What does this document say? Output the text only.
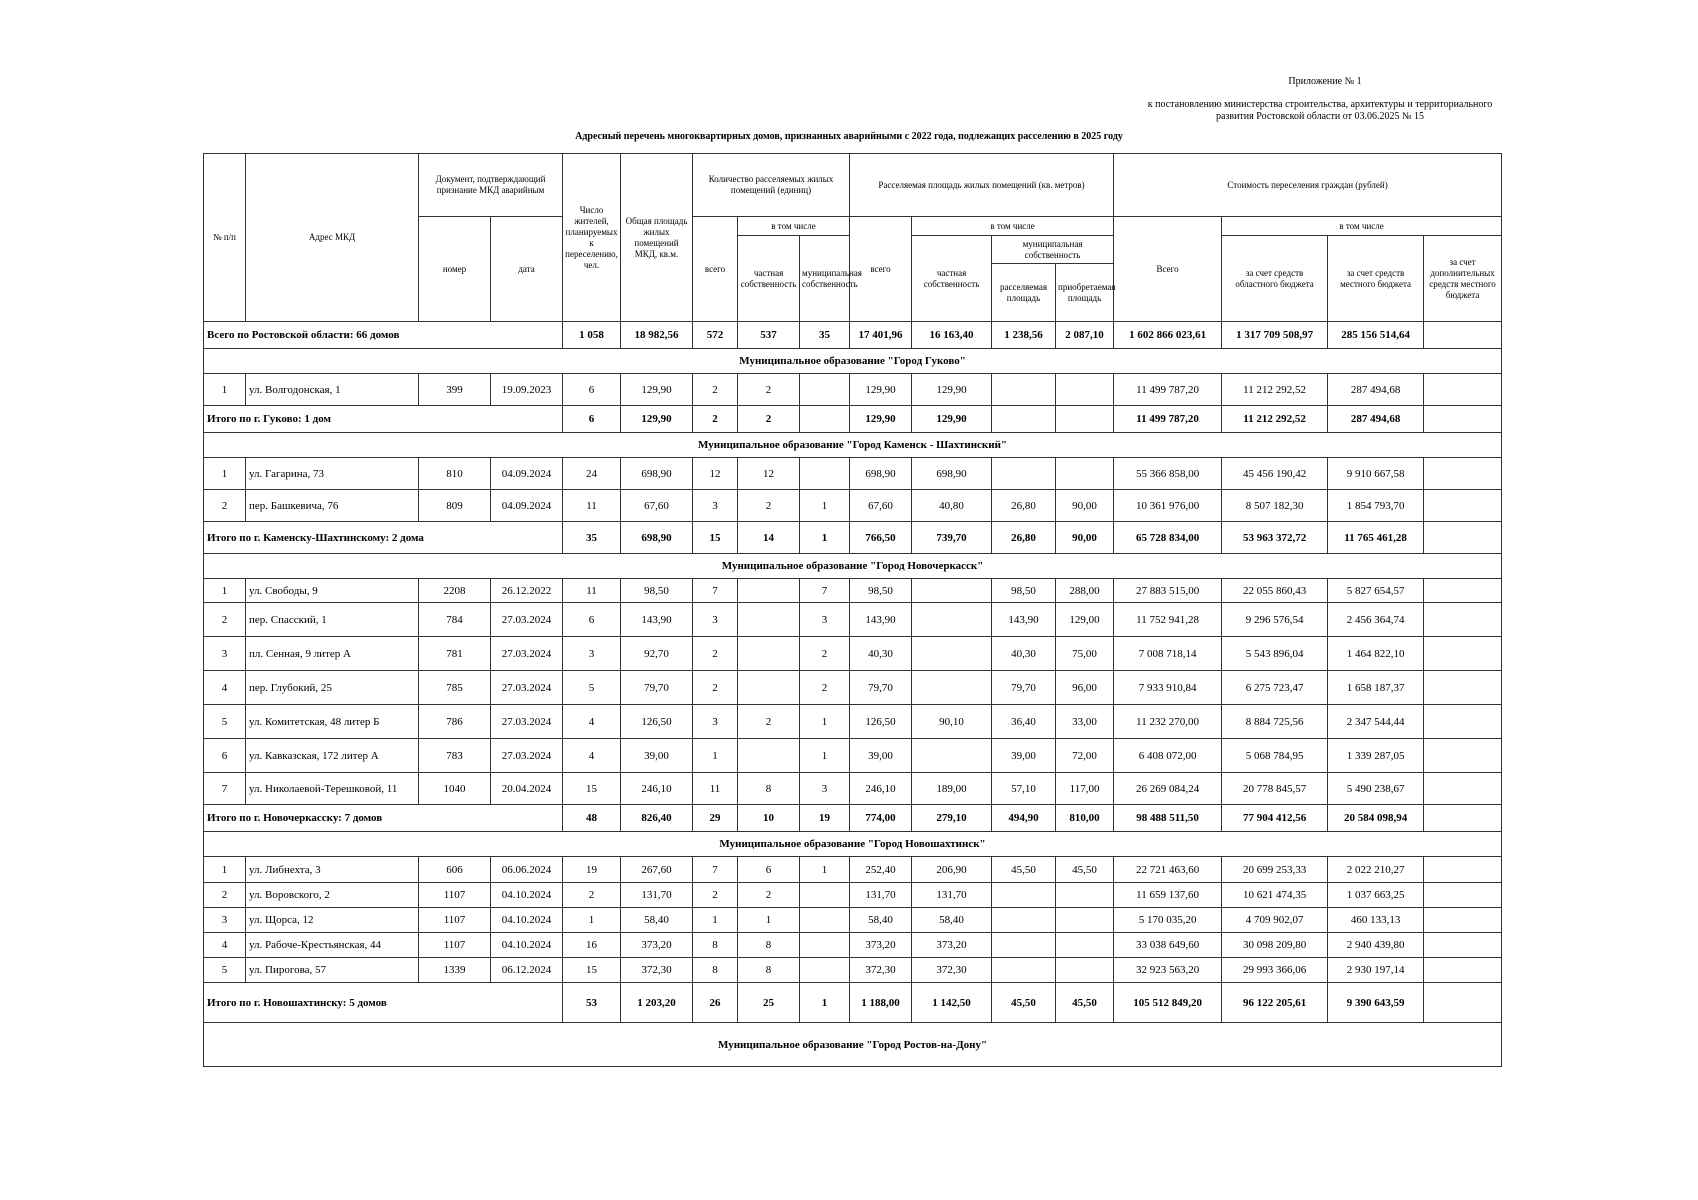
Приложение № 1
к постановлению министерства строительства, архитектуры и территориального
развития Ростовской области от 03.06.2025 № 15
Адресный перечень многоквартирных домов, признанных аварийными с 2022 года, подлежащих расселению в 2025 году
№ п/п	Адрес МКД	Документ, подтверждающий признание МКД аварийным		Число жителей, планируемых к переселению, чел.	Общая площадь жилых помещений МКД, кв.м.	Количество расселяемых жилых помещений (единиц)			Расселяемая площадь жилых помещений (кв. метров)				Стоимость переселения граждан (рублей)			
		номер	дата			всего	в том числе		всего	в том числе			Всего	в том числе		
							частная собственность	муниципальная собственность		частная собственность	муниципальная собственность			за счет средств областного бюджета	за счет средств местного бюджета	за счет дополнительных средств местного бюджета
											расселяемая площадь	приобретаемая площадь				
Всего по Ростовской области: 66 домов				1 058	18 982,56	572	537	35	17 401,96	16 163,40	1 238,56	2 087,10	1 602 866 023,61	1 317 709 508,97	285 156 514,64	
Муниципальное образование "Город Гуково"																
1	ул. Волгодонская, 1	399	19.09.2023	6	129,90	2	2		129,90	129,90			11 499 787,20	11 212 292,52	287 494,68	
Итого по г. Гуково: 1 дом				6	129,90	2	2		129,90	129,90			11 499 787,20	11 212 292,52	287 494,68	
Муниципальное образование "Город Каменск - Шахтинский"																
1	ул. Гагарина, 73	810	04.09.2024	24	698,90	12	12		698,90	698,90			55 366 858,00	45 456 190,42	9 910 667,58	
2	пер. Башкевича, 76	809	04.09.2024	11	67,60	3	2	1	67,60	40,80	26,80	90,00	10 361 976,00	8 507 182,30	1 854 793,70	
Итого по г. Каменску-Шахтинскому: 2 дома				35	698,90	15	14	1	766,50	739,70	26,80	90,00	65 728 834,00	53 963 372,72	11 765 461,28	
Муниципальное образование "Город Новочеркасск"																
1	ул. Свободы, 9	2208	26.12.2022	11	98,50	7		7	98,50		98,50	288,00	27 883 515,00	22 055 860,43	5 827 654,57	
2	пер. Спасский, 1	784	27.03.2024	6	143,90	3		3	143,90		143,90	129,00	11 752 941,28	9 296 576,54	2 456 364,74	
3	пл. Сенная, 9 литер А	781	27.03.2024	3	92,70	2		2	40,30		40,30	75,00	7 008 718,14	5 543 896,04	1 464 822,10	
4	пер. Глубокий, 25	785	27.03.2024	5	79,70	2		2	79,70		79,70	96,00	7 933 910,84	6 275 723,47	1 658 187,37	
5	ул. Комитетская, 48 литер Б	786	27.03.2024	4	126,50	3	2	1	126,50	90,10	36,40	33,00	11 232 270,00	8 884 725,56	2 347 544,44	
6	ул. Кавказская, 172 литер А	783	27.03.2024	4	39,00	1		1	39,00		39,00	72,00	6 408 072,00	5 068 784,95	1 339 287,05	
7	ул. Николаевой-Терешковой, 11	1040	20.04.2024	15	246,10	11	8	3	246,10	189,00	57,10	117,00	26 269 084,24	20 778 845,57	5 490 238,67	
Итого по г. Новочеркасску: 7 домов				48	826,40	29	10	19	774,00	279,10	494,90	810,00	98 488 511,50	77 904 412,56	20 584 098,94	
Муниципальное образование "Город Новошахтинск"																
1	ул. Либнехта, 3	606	06.06.2024	19	267,60	7	6	1	252,40	206,90	45,50	45,50	22 721 463,60	20 699 253,33	2 022 210,27	
2	ул. Воровского, 2	1107	04.10.2024	2	131,70	2	2		131,70	131,70			11 659 137,60	10 621 474,35	1 037 663,25	
3	ул. Щорса, 12	1107	04.10.2024	1	58,40	1	1		58,40	58,40			5 170 035,20	4 709 902,07	460 133,13	
4	ул. Рабоче-Крестьянская, 44	1107	04.10.2024	16	373,20	8	8		373,20	373,20			33 038 649,60	30 098 209,80	2 940 439,80	
5	ул. Пирогова, 57	1339	06.12.2024	15	372,30	8	8		372,30	372,30			32 923 563,20	29 993 366,06	2 930 197,14	
Итого по г. Новошахтинску: 5 домов				53	1 203,20	26	25	1	1 188,00	1 142,50	45,50	45,50	105 512 849,20	96 122 205,61	9 390 643,59	
Муниципальное образование "Город Ростов-на-Дону"																
